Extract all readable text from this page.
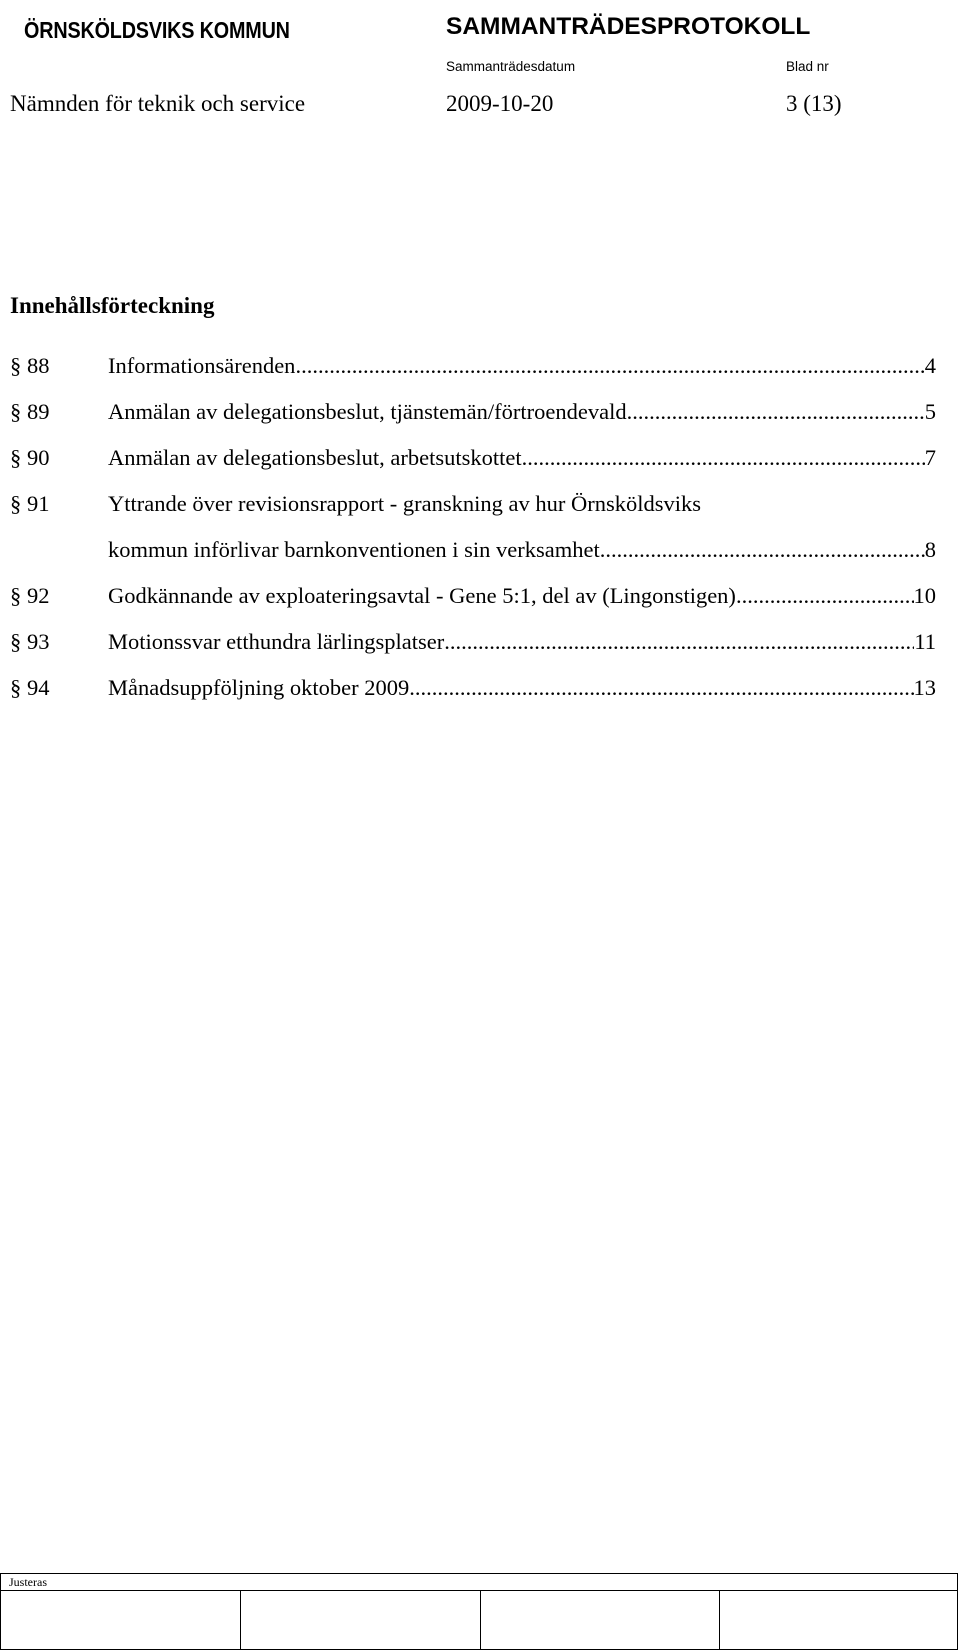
ÖRNSKÖLDSVIKS KOMMUN	SAMMANTRÄDESPROTOKOLL
Sammanträdesdatum	Blad nr
Nämnden för teknik och service	2009-10-20	3 (13)
Innehållsförteckning
§ 88	Informationsärenden .....	4
§ 89	Anmälan av delegationsbeslut, tjänstemän/förtroendevald .....	5
§ 90	Anmälan av delegationsbeslut, arbetsutskottet .....	7
§ 91	Yttrande över revisionsrapport - granskning av hur Örnsköldsviks
kommun införlivar barnkonventionen i sin verksamhet .....	8
§ 92	Godkännande av exploateringsavtal - Gene 5:1, del av (Lingonstigen) .....	10
§ 93	Motionssvar etthundra lärlingsplatser .....	11
§ 94	Månadsuppföljning oktober 2009 .....	13
Justeras
